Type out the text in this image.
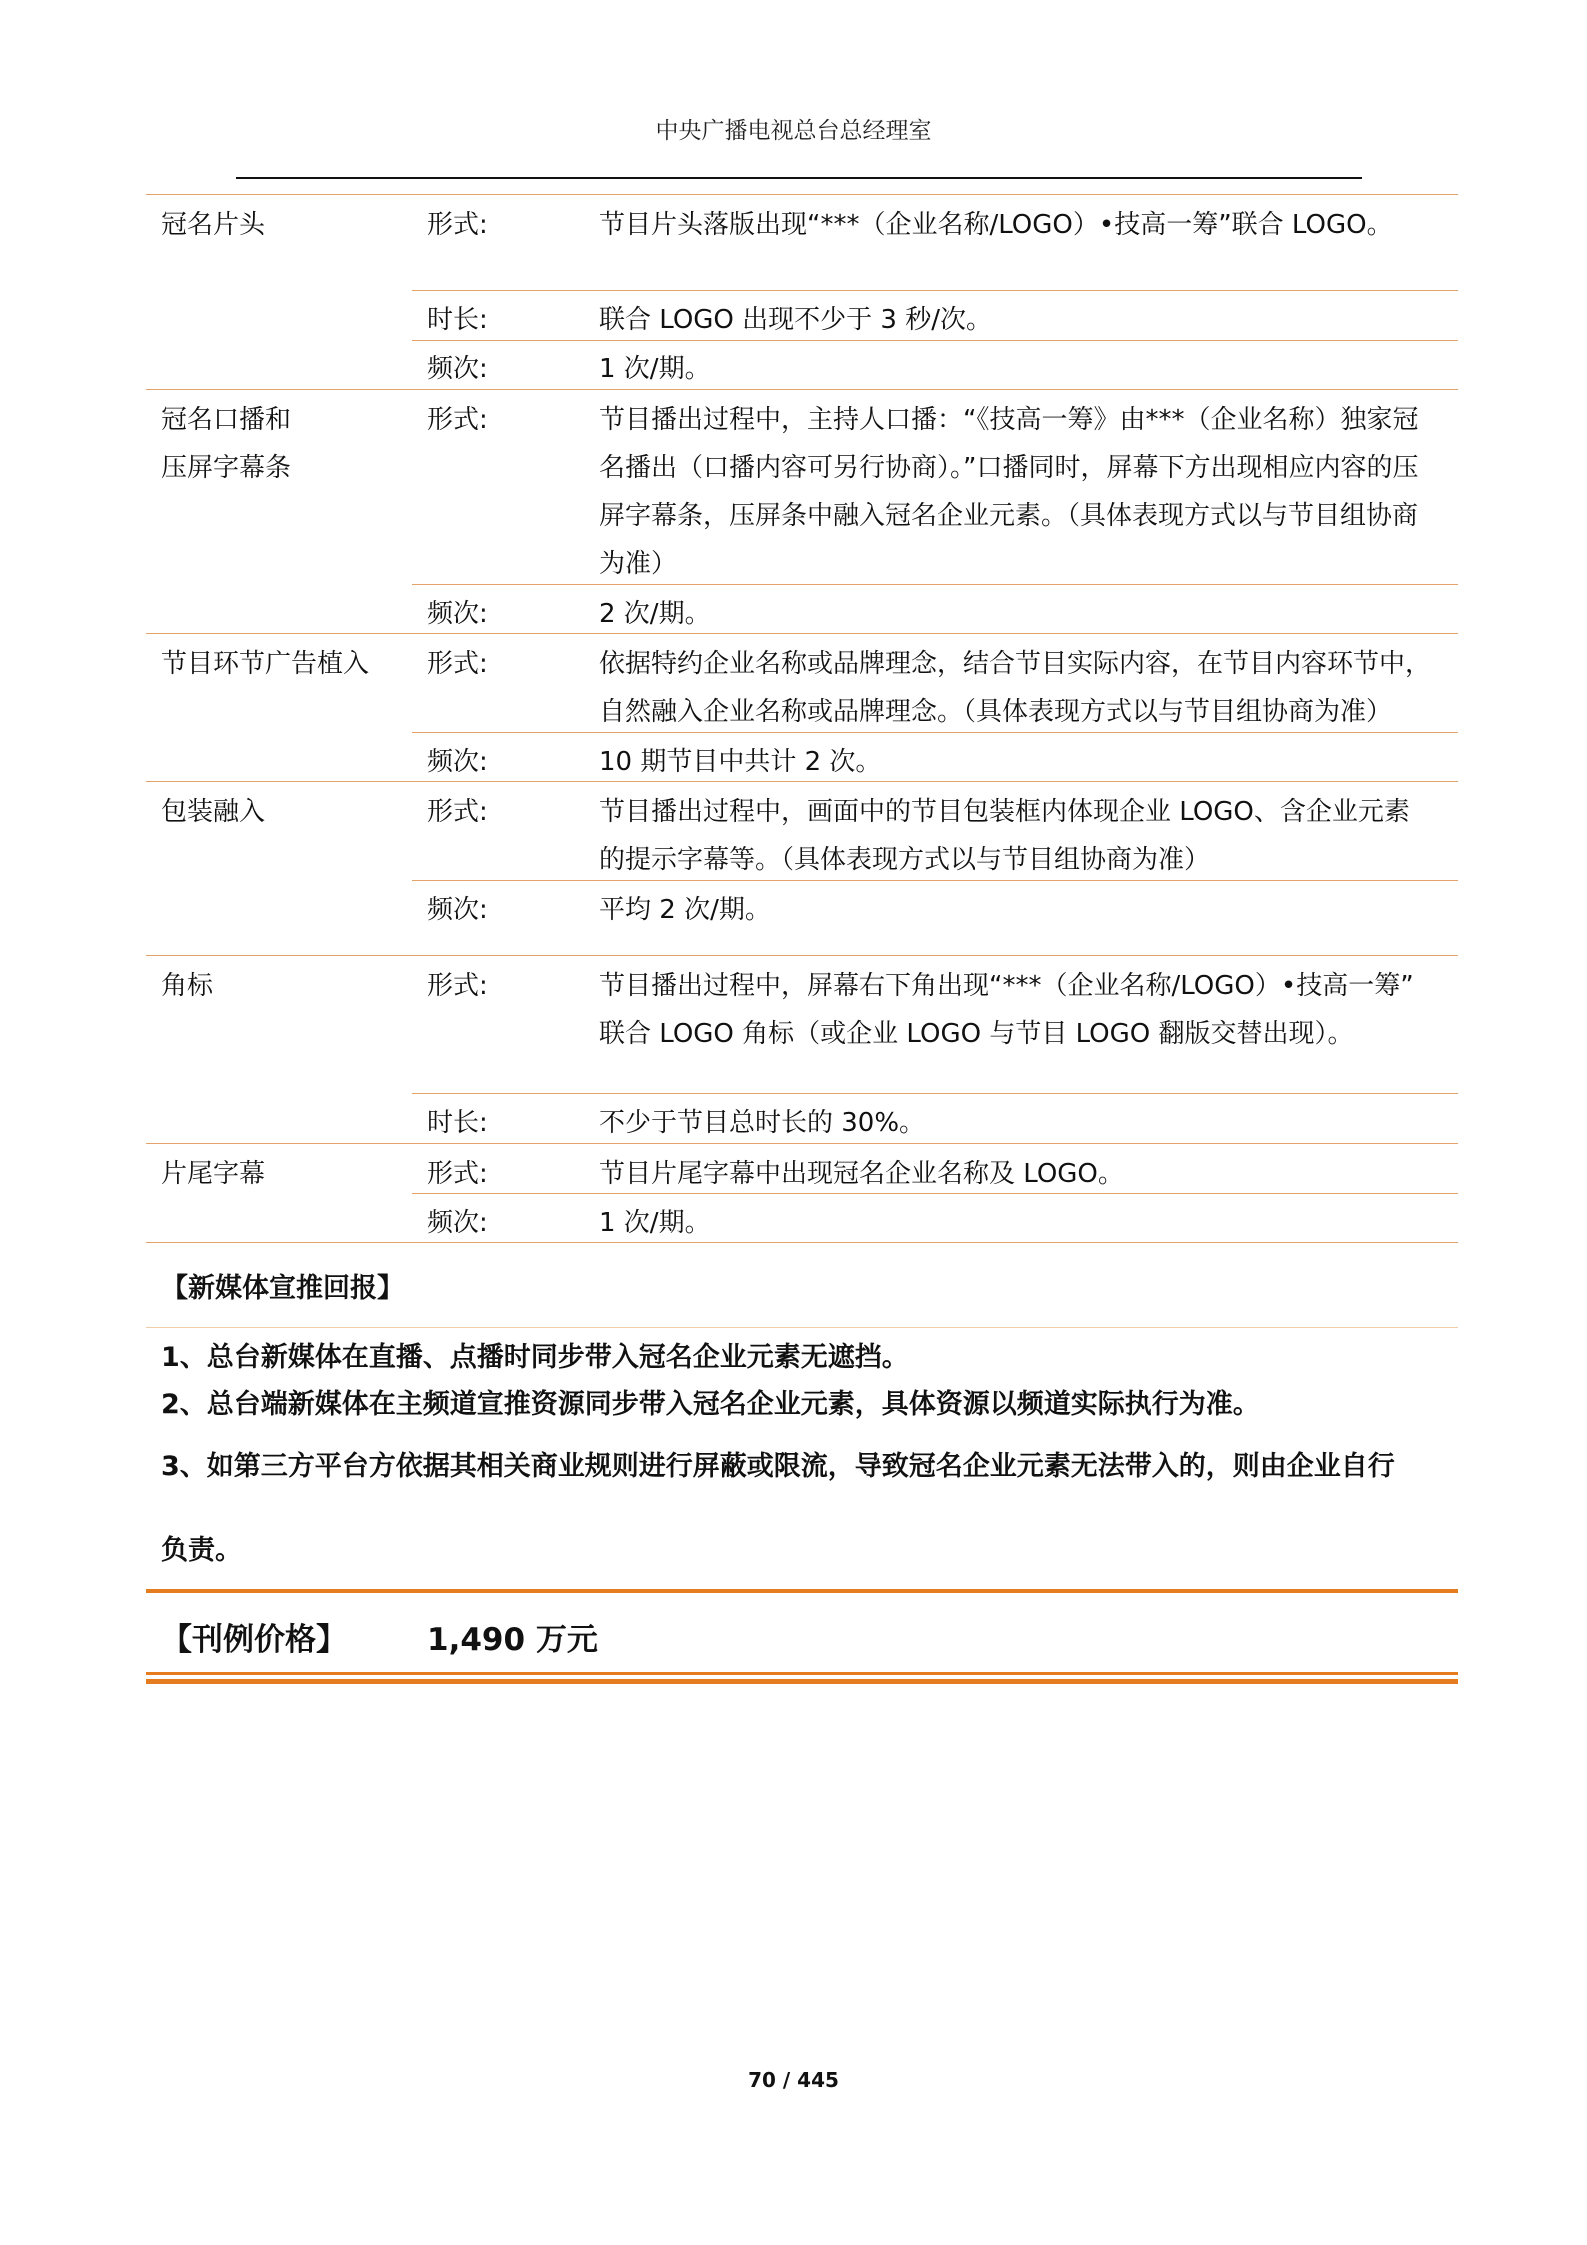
中央广播电视总台总经理室
冠名片头	形式:	节目片头落版出现“***（企业名称/LOGO）•技高一筹”联合 LOGO。
时长:	联合 LOGO 出现不少于 3 秒/次。
频次:	1 次/期。
冠名口播和
压屏字幕条
形式:	节目播出过程中，主持人口播：“《技高一筹》由***（企业名称）独家冠
名播出（口播内容可另行协商）。”口播同时，屏幕下方出现相应内容的压
屏字幕条，压屏条中融入冠名企业元素。（具体表现方式以与节目组协商
为准）
频次:	2 次/期。
节目环节广告植入 形式:	依据特约企业名称或品牌理念，结合节目实际内容，在节目内容环节中，
自然融入企业名称或品牌理念。（具体表现方式以与节目组协商为准）
频次:	10 期节目中共计 2 次。
包装融入	形式:	节目播出过程中，画面中的节目包装框内体现企业 LOGO、含企业元素
的提示字幕等。（具体表现方式以与节目组协商为准）
频次:	平均 2 次/期。
角标	形式:	节目播出过程中，屏幕右下角出现“***（企业名称/LOGO）•技高一筹”
联合 LOGO 角标（或企业 LOGO 与节目 LOGO 翻版交替出现）。
时长:	不少于节目总时长的 30%。
片尾字幕	形式:	节目片尾字幕中出现冠名企业名称及 LOGO。
频次:	1 次/期。
【新媒体宣推回报】
1、总台新媒体在直播、点播时同步带入冠名企业元素无遮挡。
2、总台端新媒体在主频道宣推资源同步带入冠名企业元素，具体资源以频道实际执行为准。
3、如第三方平台方依据其相关商业规则进行屏蔽或限流，导致冠名企业元素无法带入的，则由企业自行
负责。
【刊例价格】	1,490 万元
70 / 445
